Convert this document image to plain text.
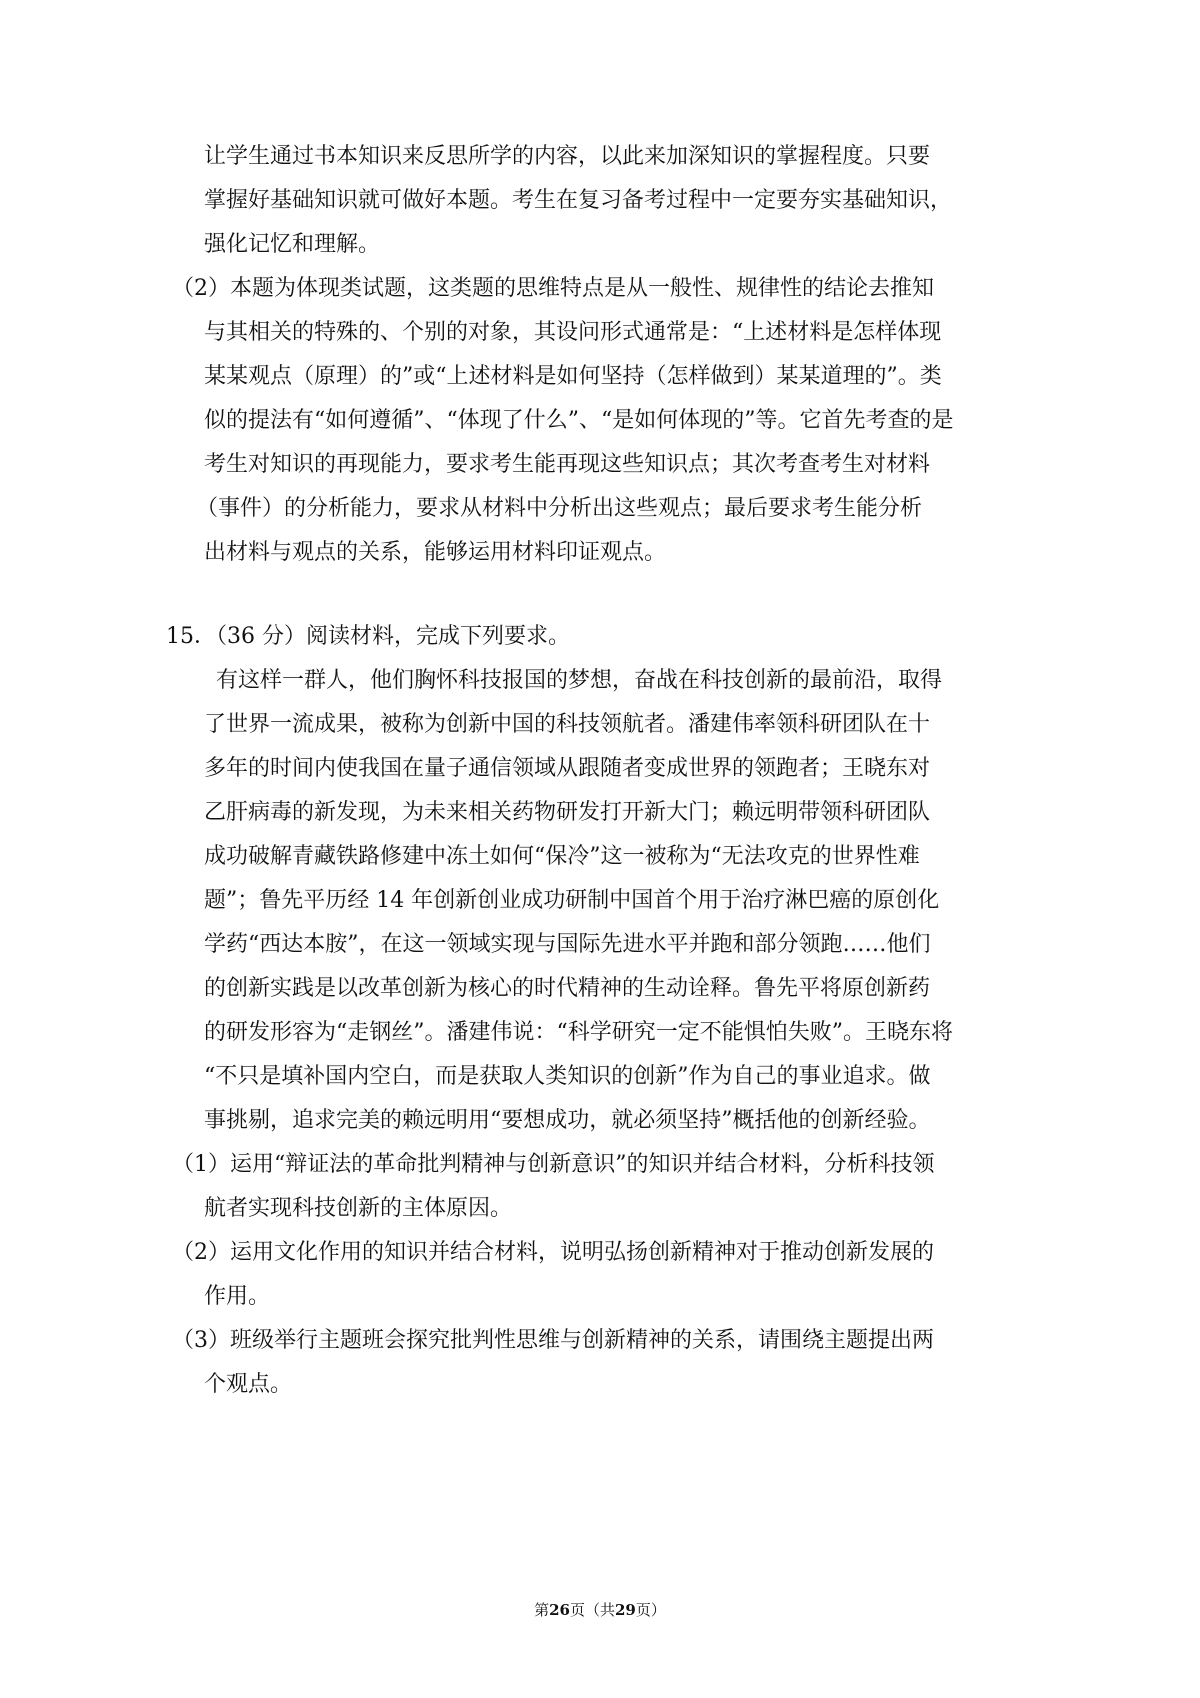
让学生通过书本知识来反思所学的内容，以此来加深知识的掌握程度。只要
掌握好基础知识就可做好本题。考生在复习备考过程中一定要夯实基础知识，
强化记忆和理解。
（2）本题为体现类试题，这类题的思维特点是从一般性、规律性的结论去推知
与其相关的特殊的、个别的对象，其设问形式通常是：“上述材料是怎样体现
某某观点（原理）的”或“上述材料是如何坚持（怎样做到）某某道理的”。类
似的提法有“如何遵循”、“体现了什么”、“是如何体现的”等。它首先考查的是
考生对知识的再现能力，要求考生能再现这些知识点；其次考查考生对材料
（事件）的分析能力，要求从材料中分析出这些观点；最后要求考生能分析
出材料与观点的关系，能够运用材料印证观点。
15．（36 分）阅读材料，完成下列要求。
有这样一群人，他们胸怀科技报国的梦想，奋战在科技创新的最前沿，取得
了世界一流成果，被称为创新中国的科技领航者。潘建伟率领科研团队在十
多年的时间内使我国在量子通信领域从跟随者变成世界的领跑者；王晓东对
乙肝病毒的新发现，为未来相关药物研发打开新大门；赖远明带领科研团队
成功破解青藏铁路修建中冻土如何“保冷”这一被称为“无法攻克的世界性难
题”；鲁先平历经 14 年创新创业成功研制中国首个用于治疗淋巴癌的原创化
学药“西达本胺”，在这一领域实现与国际先进水平并跑和部分领跑……他们
的创新实践是以改革创新为核心的时代精神的生动诠释。鲁先平将原创新药
的研发形容为“走钢丝”。潘建伟说：“科学研究一定不能惧怕失败”。王晓东将
“不只是填补国内空白，而是获取人类知识的创新”作为自己的事业追求。做
事挑剔，追求完美的赖远明用“要想成功，就必须坚持”概括他的创新经验。
（1）运用“辩证法的革命批判精神与创新意识”的知识并结合材料，分析科技领
航者实现科技创新的主体原因。
（2）运用文化作用的知识并结合材料，说明弘扬创新精神对于推动创新发展的
作用。
（3）班级举行主题班会探究批判性思维与创新精神的关系，请围绕主题提出两
个观点。
第26页（共29页）
